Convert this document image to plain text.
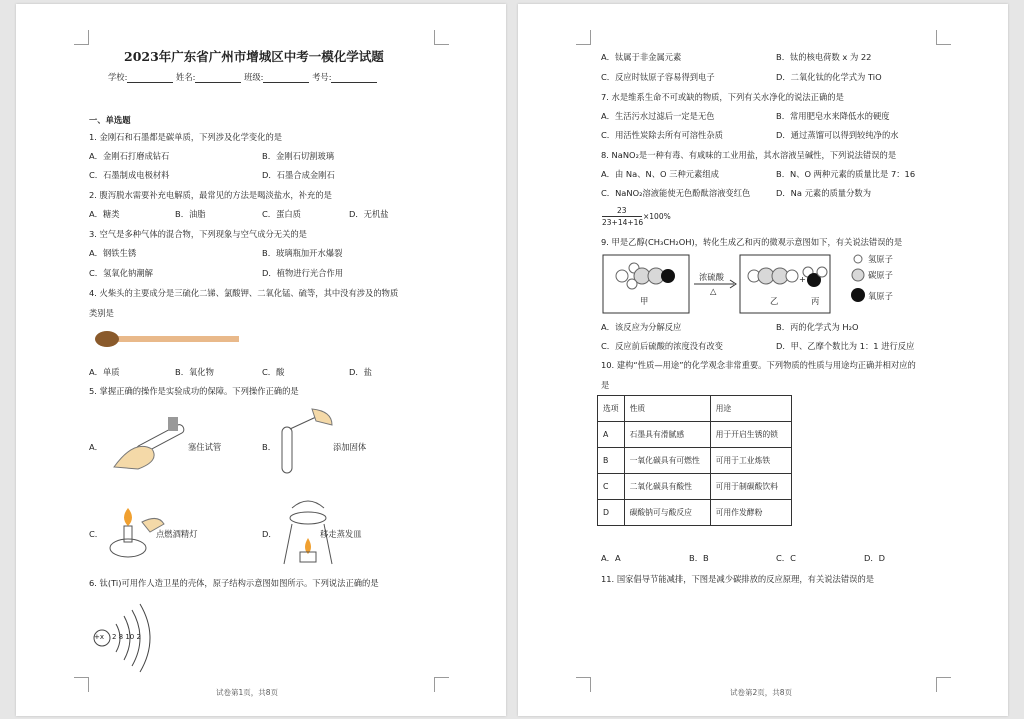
2023年广东省广州市增城区中考一模化学试题
学校:	姓名:	班级:	考号:
一、单选题
1. 金刚石和石墨都是碳单质，下列涉及化学变化的是
A．金刚石打磨成钻石	B．金刚石切割玻璃
C．石墨制成电极材料	D．石墨合成金刚石
2. 腹泻脱水需要补充电解质，最常见的方法是喝淡盐水，补充的是
A．糖类	B．油脂	C．蛋白质	D．无机盐
3. 空气是多种气体的混合物，下列现象与空气成分无关的是
A．钢铁生锈	B．玻璃瓶加开水爆裂
C．氢氧化钠潮解	D．植物进行光合作用
4. 火柴头的主要成分是三硫化二锑、氯酸钾、二氧化锰、硫等，其中没有涉及的物质
类别是
A．单质	B．氧化物	C．酸	D．盐
5. 掌握正确的操作是实验成功的保障。下列操作正确的是
A．	塞住试管	B．	添加固体
C．	点燃酒精灯	D．	移走蒸发皿
6. 钛(Ti)可用作人造卫星的壳体，原子结构示意图如图所示。下列说法正确的是
+x 2 8 10 2
试卷第1页，共8页
A．钛属于非金属元素	B．钛的核电荷数 x 为 22
C．反应时钛原子容易得到电子	D．二氧化钛的化学式为 TiO
7. 水是维系生命不可或缺的物质，下列有关水净化的说法正确的是
A．生活污水过滤后一定是无色	B．常用肥皂水来降低水的硬度
C．用活性炭除去所有可溶性杂质	D．通过蒸馏可以得到较纯净的水
8. NaNO₂是一种有毒、有咸味的工业用盐，其水溶液呈碱性，下列说法错误的是
A．由 Na、N、O 三种元素组成	B．N、O 两种元素的质量比是 7：16
C．NaNO₂溶液能使无色酚酞溶液变红色	D．Na 元素的质量分数为
23
23+14+16
×100%
9. 甲是乙醇(CH₃CH₂OH)，转化生成乙和丙的微观示意图如下，有关说法错误的是
甲
浓硫酸
△
+
乙	丙
氢原子
碳原子
氧原子
A．该反应为分解反应	B．丙的化学式为 H₂O
C．反应前后硫酸的浓度没有改变	D．甲、乙摩个数比为 1：1 进行反应
10. 建构“性质—用途”的化学观念非常重要。下列物质的性质与用途均正确并相对应的
是
选项	性质	用途
A	石墨具有滑腻感	用于开启生锈的锁
B	一氧化碳具有可燃性	可用于工业炼铁
C	二氧化碳具有酸性	可用于制碳酸饮料
D	碳酸钠可与酸反应	可用作发酵粉
A．A	B．B	C．C	D．D
11. 国家倡导节能减排，下图是减少碳排放的反应原理，有关说法错误的是
试卷第2页，共8页
